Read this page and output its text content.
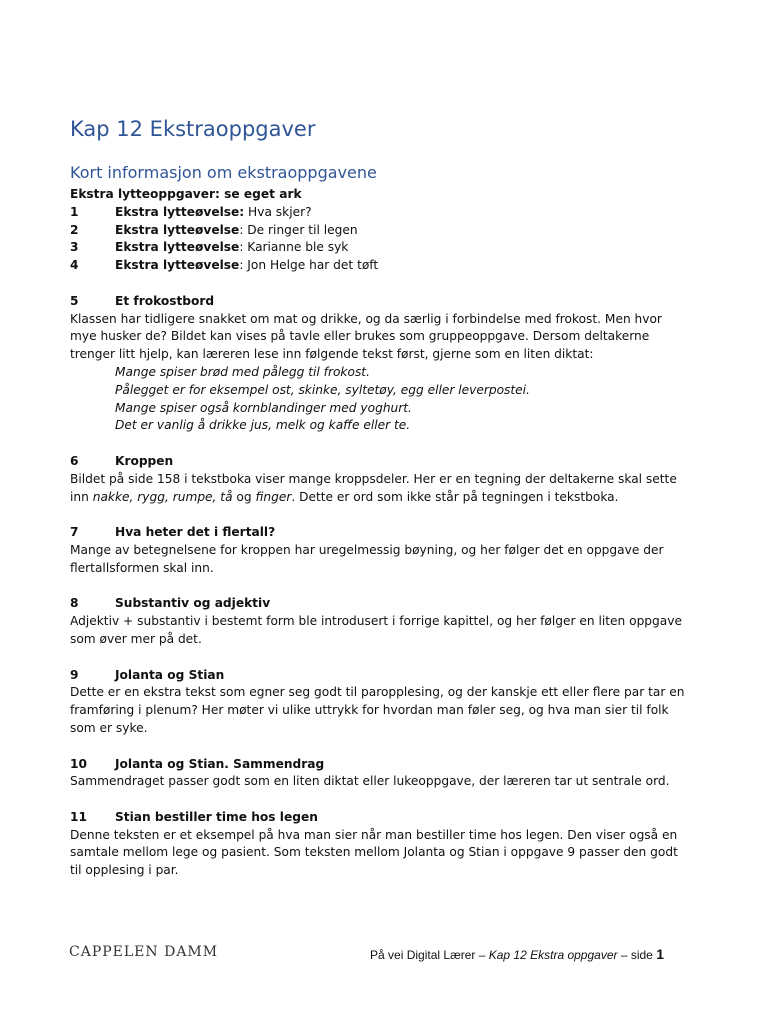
Kap 12 Ekstraoppgaver
Kort informasjon om ekstraoppgavene
Ekstra lytteoppgaver: se eget ark
1	Ekstra lytteøvelse: Hva skjer?
2	Ekstra lytteøvelse: De ringer til legen
3	Ekstra lytteøvelse: Karianne ble syk
4	Ekstra lytteøvelse: Jon Helge har det tøft
5	Et frokostbord
Klassen har tidligere snakket om mat og drikke, og da særlig i forbindelse med frokost. Men hvor
mye husker de? Bildet kan vises på tavle eller brukes som gruppeoppgave. Dersom deltakerne
trenger litt hjelp, kan læreren lese inn følgende tekst først, gjerne som en liten diktat:
Mange spiser brød med pålegg til frokost.
Pålegget er for eksempel ost, skinke, syltetøy, egg eller leverpostei.
Mange spiser også kornblandinger med yoghurt.
Det er vanlig å drikke jus, melk og kaffe eller te.
6	Kroppen
Bildet på side 158 i tekstboka viser mange kroppsdeler. Her er en tegning der deltakerne skal sette
inn nakke, rygg, rumpe, tå og finger. Dette er ord som ikke står på tegningen i tekstboka.
7	Hva heter det i flertall?
Mange av betegnelsene for kroppen har uregelmessig bøyning, og her følger det en oppgave der
flertallsformen skal inn.
8	Substantiv og adjektiv
Adjektiv + substantiv i bestemt form ble introdusert i forrige kapittel, og her følger en liten oppgave
som øver mer på det.
9	Jolanta og Stian
Dette er en ekstra tekst som egner seg godt til paropplesing, og der kanskje ett eller flere par tar en
framføring i plenum? Her møter vi ulike uttrykk for hvordan man føler seg, og hva man sier til folk
som er syke.
10	Jolanta og Stian. Sammendrag
Sammendraget passer godt som en liten diktat eller lukeoppgave, der læreren tar ut sentrale ord.
11	Stian bestiller time hos legen
Denne teksten er et eksempel på hva man sier når man bestiller time hos legen. Den viser også en
samtale mellom lege og pasient. Som teksten mellom Jolanta og Stian i oppgave 9 passer den godt
til opplesing i par.
CAPPELEN DAMM	På vei Digital Lærer – Kap 12 Ekstra oppgaver – side 1
